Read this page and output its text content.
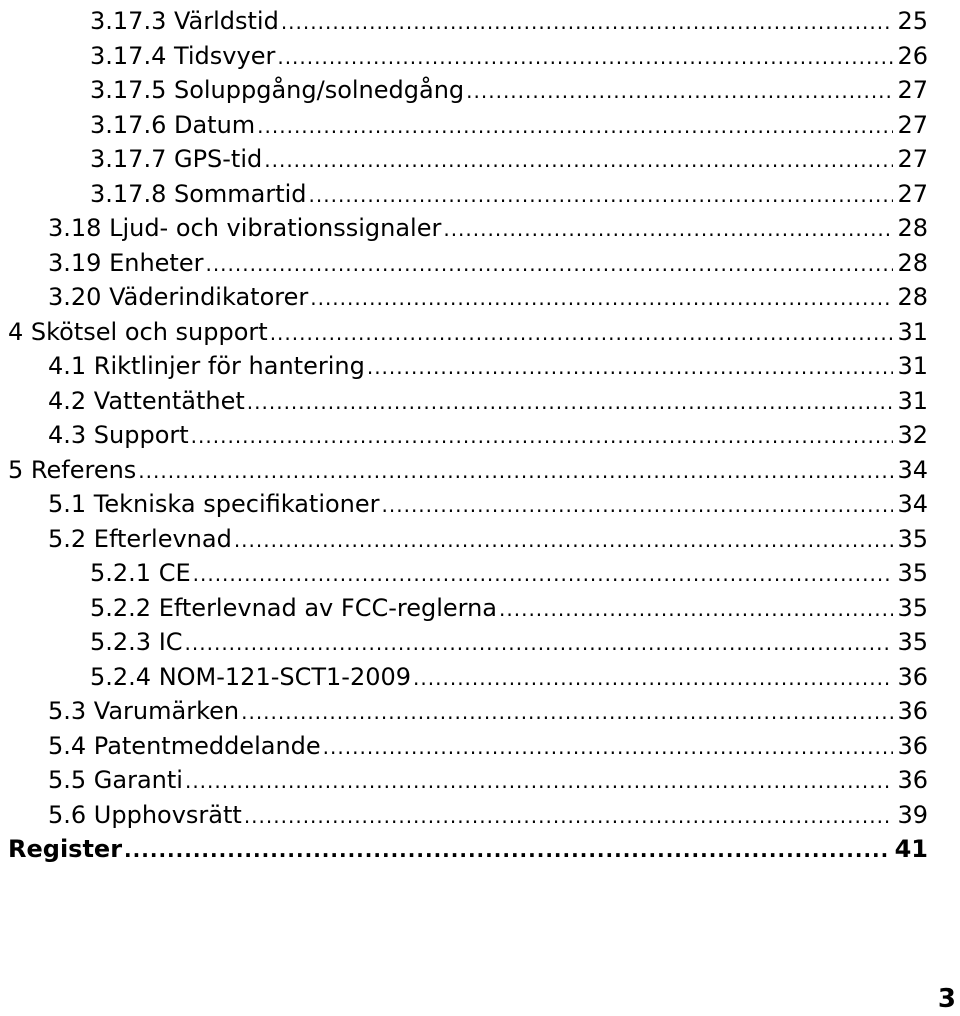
3.17.3 Världstid .....	25
3.17.4 Tidsvyer .....	26
3.17.5 Soluppgång/solnedgång .....	27
3.17.6 Datum .....	27
3.17.7 GPS-tid .....	27
3.17.8 Sommartid .....	27
3.18 Ljud- och vibrationssignaler .....	28
3.19 Enheter .....	28
3.20 Väderindikatorer .....	28
4 Skötsel och support .....	31
4.1 Riktlinjer för hantering .....	31
4.2 Vattentäthet .....	31
4.3 Support .....	32
5 Referens .....	34
5.1 Tekniska specifikationer .....	34
5.2 Efterlevnad .....	35
5.2.1 CE .....	35
5.2.2 Efterlevnad av FCC-reglerna .....	35
5.2.3 IC .....	35
5.2.4 NOM-121-SCT1-2009 .....	36
5.3 Varumärken .....	36
5.4 Patentmeddelande .....	36
5.5 Garanti .....	36
5.6 Upphovsrätt .....	39
Register .....	41
3
